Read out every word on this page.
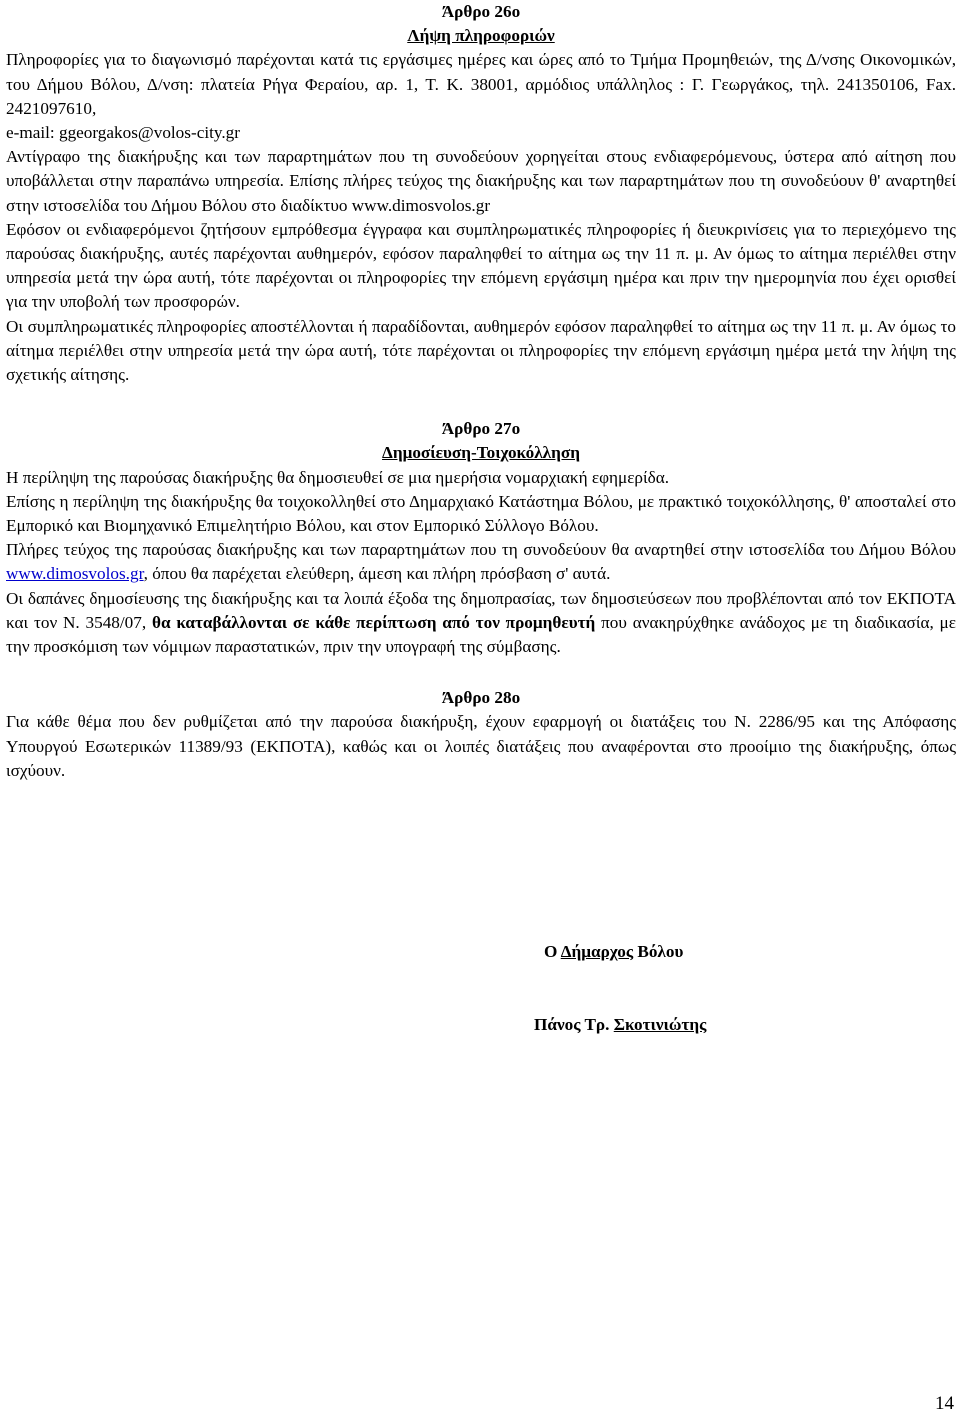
Άρθρο 26ο
Λήψη πληροφοριών

Πληροφορίες για το διαγωνισμό παρέχονται κατά τις εργάσιμες ημέρες και ώρες από το Τμήμα Προμηθειών, της Δ/νσης Οικονομικών, του Δήμου Βόλου, Δ/νση: πλατεία Ρήγα Φεραίου, αρ. 1, Τ. Κ. 38001, αρμόδιος υπάλληλος : Γ. Γεωργάκος, τηλ. 241350106, Fax. 2421097610,

e-mail: ggeorgakos@volos-city.gr

Αντίγραφο της διακήρυξης και των παραρτημάτων που τη συνοδεύουν χορηγείται στους ενδιαφερόμενους, ύστερα από αίτηση που υποβάλλεται στην παραπάνω υπηρεσία. Επίσης πλήρες τεύχος της διακήρυξης και των παραρτημάτων που τη συνοδεύουν θ' αναρτηθεί στην ιστοσελίδα του Δήμου Βόλου στο διαδίκτυο www.dimosvolos.gr

Εφόσον οι ενδιαφερόμενοι ζητήσουν εμπρόθεσμα έγγραφα και συμπληρωματικές πληροφορίες ή διευκρινίσεις για το περιεχόμενο της παρούσας διακήρυξης, αυτές παρέχονται αυθημερόν, εφόσον παραληφθεί το αίτημα ως την 11 π. μ. Αν όμως το αίτημα περιέλθει στην υπηρεσία μετά την ώρα αυτή, τότε παρέχονται οι πληροφορίες την επόμενη εργάσιμη ημέρα και πριν την ημερομηνία που έχει ορισθεί για την υποβολή των προσφορών.

Οι συμπληρωματικές πληροφορίες αποστέλλονται ή παραδίδονται, αυθημερόν εφόσον παραληφθεί το αίτημα ως την 11 π. μ. Αν όμως το αίτημα περιέλθει στην υπηρεσία μετά την ώρα αυτή, τότε παρέχονται οι πληροφορίες την επόμενη εργάσιμη ημέρα μετά την λήψη της σχετικής αίτησης.

Άρθρο 27ο
Δημοσίευση-Τοιχοκόλληση

Η περίληψη της παρούσας διακήρυξης θα δημοσιευθεί σε μια ημερήσια νομαρχιακή εφημερίδα.

Επίσης η περίληψη της διακήρυξης θα τοιχοκολληθεί στο Δημαρχιακό Κατάστημα Βόλου, με πρακτικό τοιχοκόλλησης, θ' αποσταλεί στο Εμπορικό και Βιομηχανικό Επιμελητήριο Βόλου, και στον Εμπορικό Σύλλογο Βόλου.

Πλήρες τεύχος της παρούσας διακήρυξης και των παραρτημάτων που τη συνοδεύουν θα αναρτηθεί στην ιστοσελίδα του Δήμου Βόλου www.dimosvolos.gr, όπου θα παρέχεται ελεύθερη, άμεση και πλήρη πρόσβαση σ' αυτά.

Οι δαπάνες δημοσίευσης της διακήρυξης και τα λοιπά έξοδα της δημοπρασίας, των δημοσιεύσεων που προβλέπονται από τον ΕΚΠΟΤΑ και τον Ν. 3548/07, θα καταβάλλονται σε κάθε περίπτωση από τον προμηθευτή που ανακηρύχθηκε ανάδοχος με τη διαδικασία, με την προσκόμιση των νόμιμων παραστατικών, πριν την υπογραφή της σύμβασης.

Άρθρο 28ο

Για κάθε θέμα που δεν ρυθμίζεται από την παρούσα διακήρυξη, έχουν εφαρμογή οι διατάξεις του Ν. 2286/95 και της Απόφασης Υπουργού Εσωτερικών 11389/93 (ΕΚΠΟΤΑ), καθώς και οι λοιπές διατάξεις που αναφέρονται στο προοίμιο της διακήρυξης, όπως ισχύουν.

Ο Δήμαρχος Βόλου
Πάνος Τρ. Σκοτινιώτης
14
